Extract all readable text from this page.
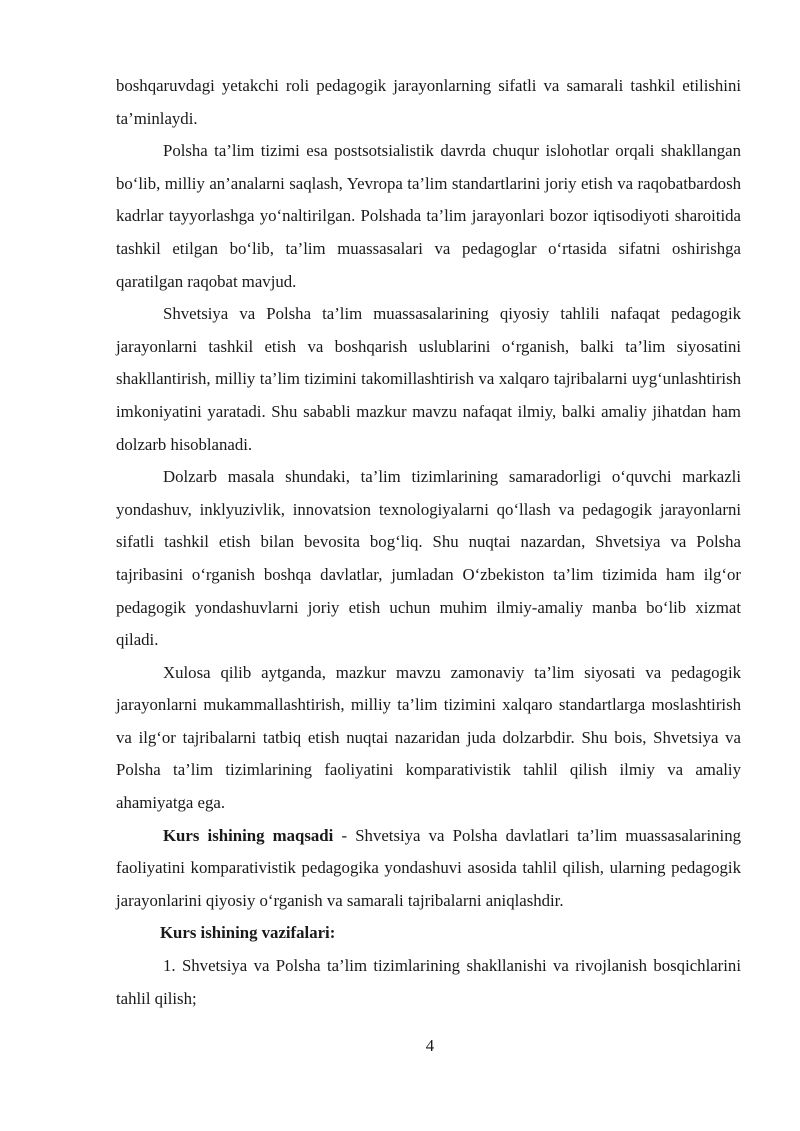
boshqaruvdagi yetakchi roli pedagogik jarayonlarning sifatli va samarali tashkil etilishini ta’minlaydi.

Polsha ta’lim tizimi esa postsotsialistik davrda chuqur islohotlar orqali shakllangan bo‘lib, milliy an’analarni saqlash, Yevropa ta’lim standartlarini joriy etish va raqobatbardosh kadrlar tayyorlashga yo‘naltirilgan. Polshada ta’lim jarayonlari bozor iqtisodiyoti sharoitida tashkil etilgan bo‘lib, ta’lim muassasalari va pedagoglar o‘rtasida sifatni oshirishga qaratilgan raqobat mavjud.

Shvetsiya va Polsha ta’lim muassasalarining qiyosiy tahlili nafaqat pedagogik jarayonlarni tashkil etish va boshqarish uslublarini o‘rganish, balki ta’lim siyosatini shakllantirish, milliy ta’lim tizimini takomillashtirish va xalqaro tajribalarni uyg‘unlashtirish imkoniyatini yaratadi. Shu sababli mazkur mavzu nafaqat ilmiy, balki amaliy jihatdan ham dolzarb hisoblanadi.

Dolzarb masala shundaki, ta’lim tizimlarining samaradorligi o‘quvchi markazli yondashuv, inklyuzivlik, innovatsion texnologiyalarni qo‘llash va pedagogik jarayonlarni sifatli tashkil etish bilan bevosita bog‘liq. Shu nuqtai nazardan, Shvetsiya va Polsha tajribasini o‘rganish boshqa davlatlar, jumladan O‘zbekiston ta’lim tizimida ham ilg‘or pedagogik yondashuvlarni joriy etish uchun muhim ilmiy-amaliy manba bo‘lib xizmat qiladi.

Xulosa qilib aytganda, mazkur mavzu zamonaviy ta’lim siyosati va pedagogik jarayonlarni mukammallashtirish, milliy ta’lim tizimini xalqaro standartlarga moslashtirish va ilg‘or tajribalarni tatbiq etish nuqtai nazaridan juda dolzarbdir. Shu bois, Shvetsiya va Polsha ta’lim tizimlarining faoliyatini komparativistik tahlil qilish ilmiy va amaliy ahamiyatga ega.

Kurs ishining maqsadi - Shvetsiya va Polsha davlatlari ta’lim muassasalarining faoliyatini komparativistik pedagogika yondashuvi asosida tahlil qilish, ularning pedagogik jarayonlarini qiyosiy o‘rganish va samarali tajribalarni aniqlashdir.

Kurs ishining vazifalari:

1. Shvetsiya va Polsha ta’lim tizimlarining shakllanishi va rivojlanish bosqichlarini tahlil qilish;

4
